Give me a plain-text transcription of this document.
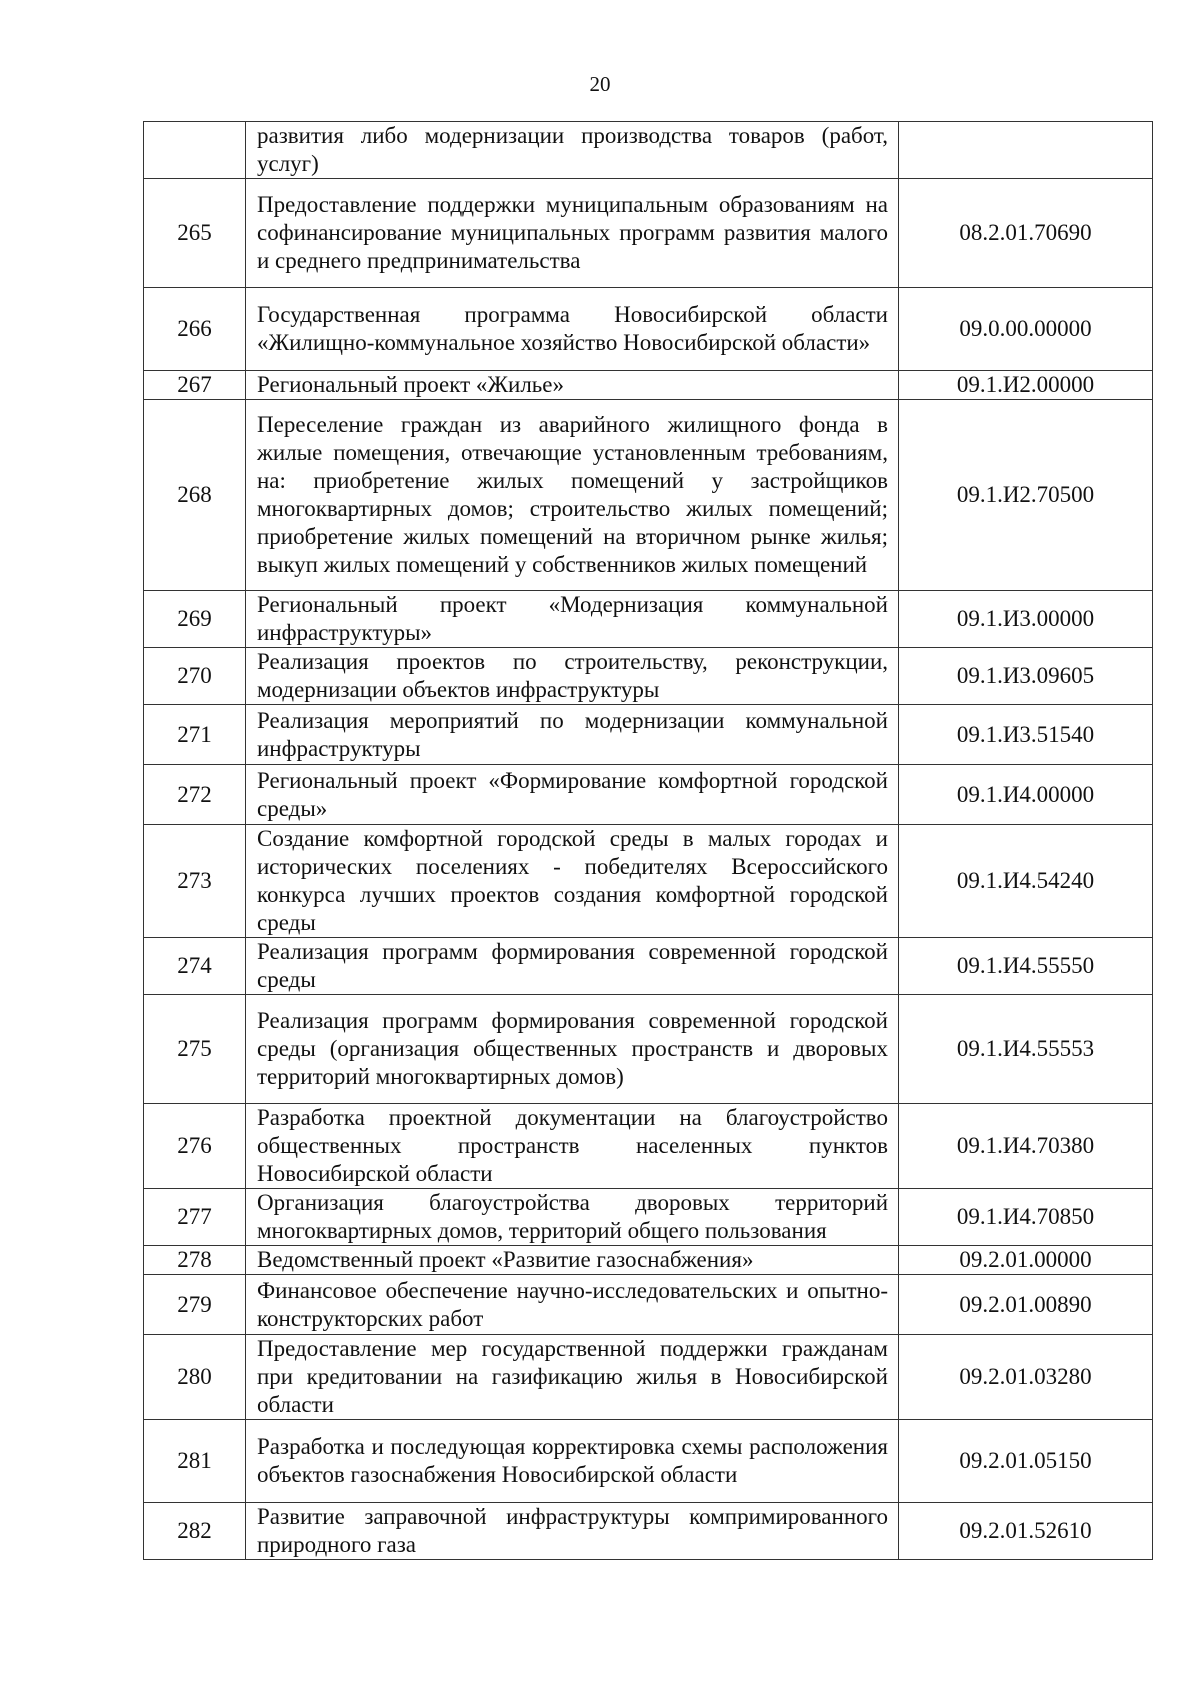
20
	развития либо модернизации производства товаров (работ, услуг)	
265	Предоставление поддержки муниципальным образованиям на софинансирование муниципальных программ развития малого и среднего предпринимательства	08.2.01.70690
266	Государственная программа Новосибирской области «Жилищно-коммунальное хозяйство Новосибирской области»	09.0.00.00000
267	Региональный проект «Жилье»	09.1.И2.00000
268	Переселение граждан из аварийного жилищного фонда в жилые помещения, отвечающие установленным требованиям, на: приобретение жилых помещений у застройщиков многоквартирных домов; строительство жилых помещений; приобретение жилых помещений на вторичном рынке жилья; выкуп жилых помещений у собственников жилых помещений	09.1.И2.70500
269	Региональный проект «Модернизация коммунальной инфраструктуры»	09.1.И3.00000
270	Реализация проектов по строительству, реконструкции, модернизации объектов инфраструктуры	09.1.И3.09605
271	Реализация мероприятий по модернизации коммунальной инфраструктуры	09.1.И3.51540
272	Региональный проект «Формирование комфортной городской среды»	09.1.И4.00000
273	Создание комфортной городской среды в малых городах и исторических поселениях - победителях Всероссийского конкурса лучших проектов создания комфортной городской среды	09.1.И4.54240
274	Реализация программ формирования современной городской среды	09.1.И4.55550
275	Реализация программ формирования современной городской среды (организация общественных пространств и дворовых территорий многоквартирных домов)	09.1.И4.55553
276	Разработка проектной документации на благоустройство общественных пространств населенных пунктов Новосибирской области	09.1.И4.70380
277	Организация благоустройства дворовых территорий многоквартирных домов, территорий общего пользования	09.1.И4.70850
278	Ведомственный проект «Развитие газоснабжения»	09.2.01.00000
279	Финансовое обеспечение научно-исследовательских и опытно-конструкторских работ	09.2.01.00890
280	Предоставление мер государственной поддержки гражданам при кредитовании на газификацию жилья в Новосибирской области	09.2.01.03280
281	Разработка и последующая корректировка схемы расположения объектов газоснабжения Новосибирской области	09.2.01.05150
282	Развитие заправочной инфраструктуры компримированного природного газа	09.2.01.52610
